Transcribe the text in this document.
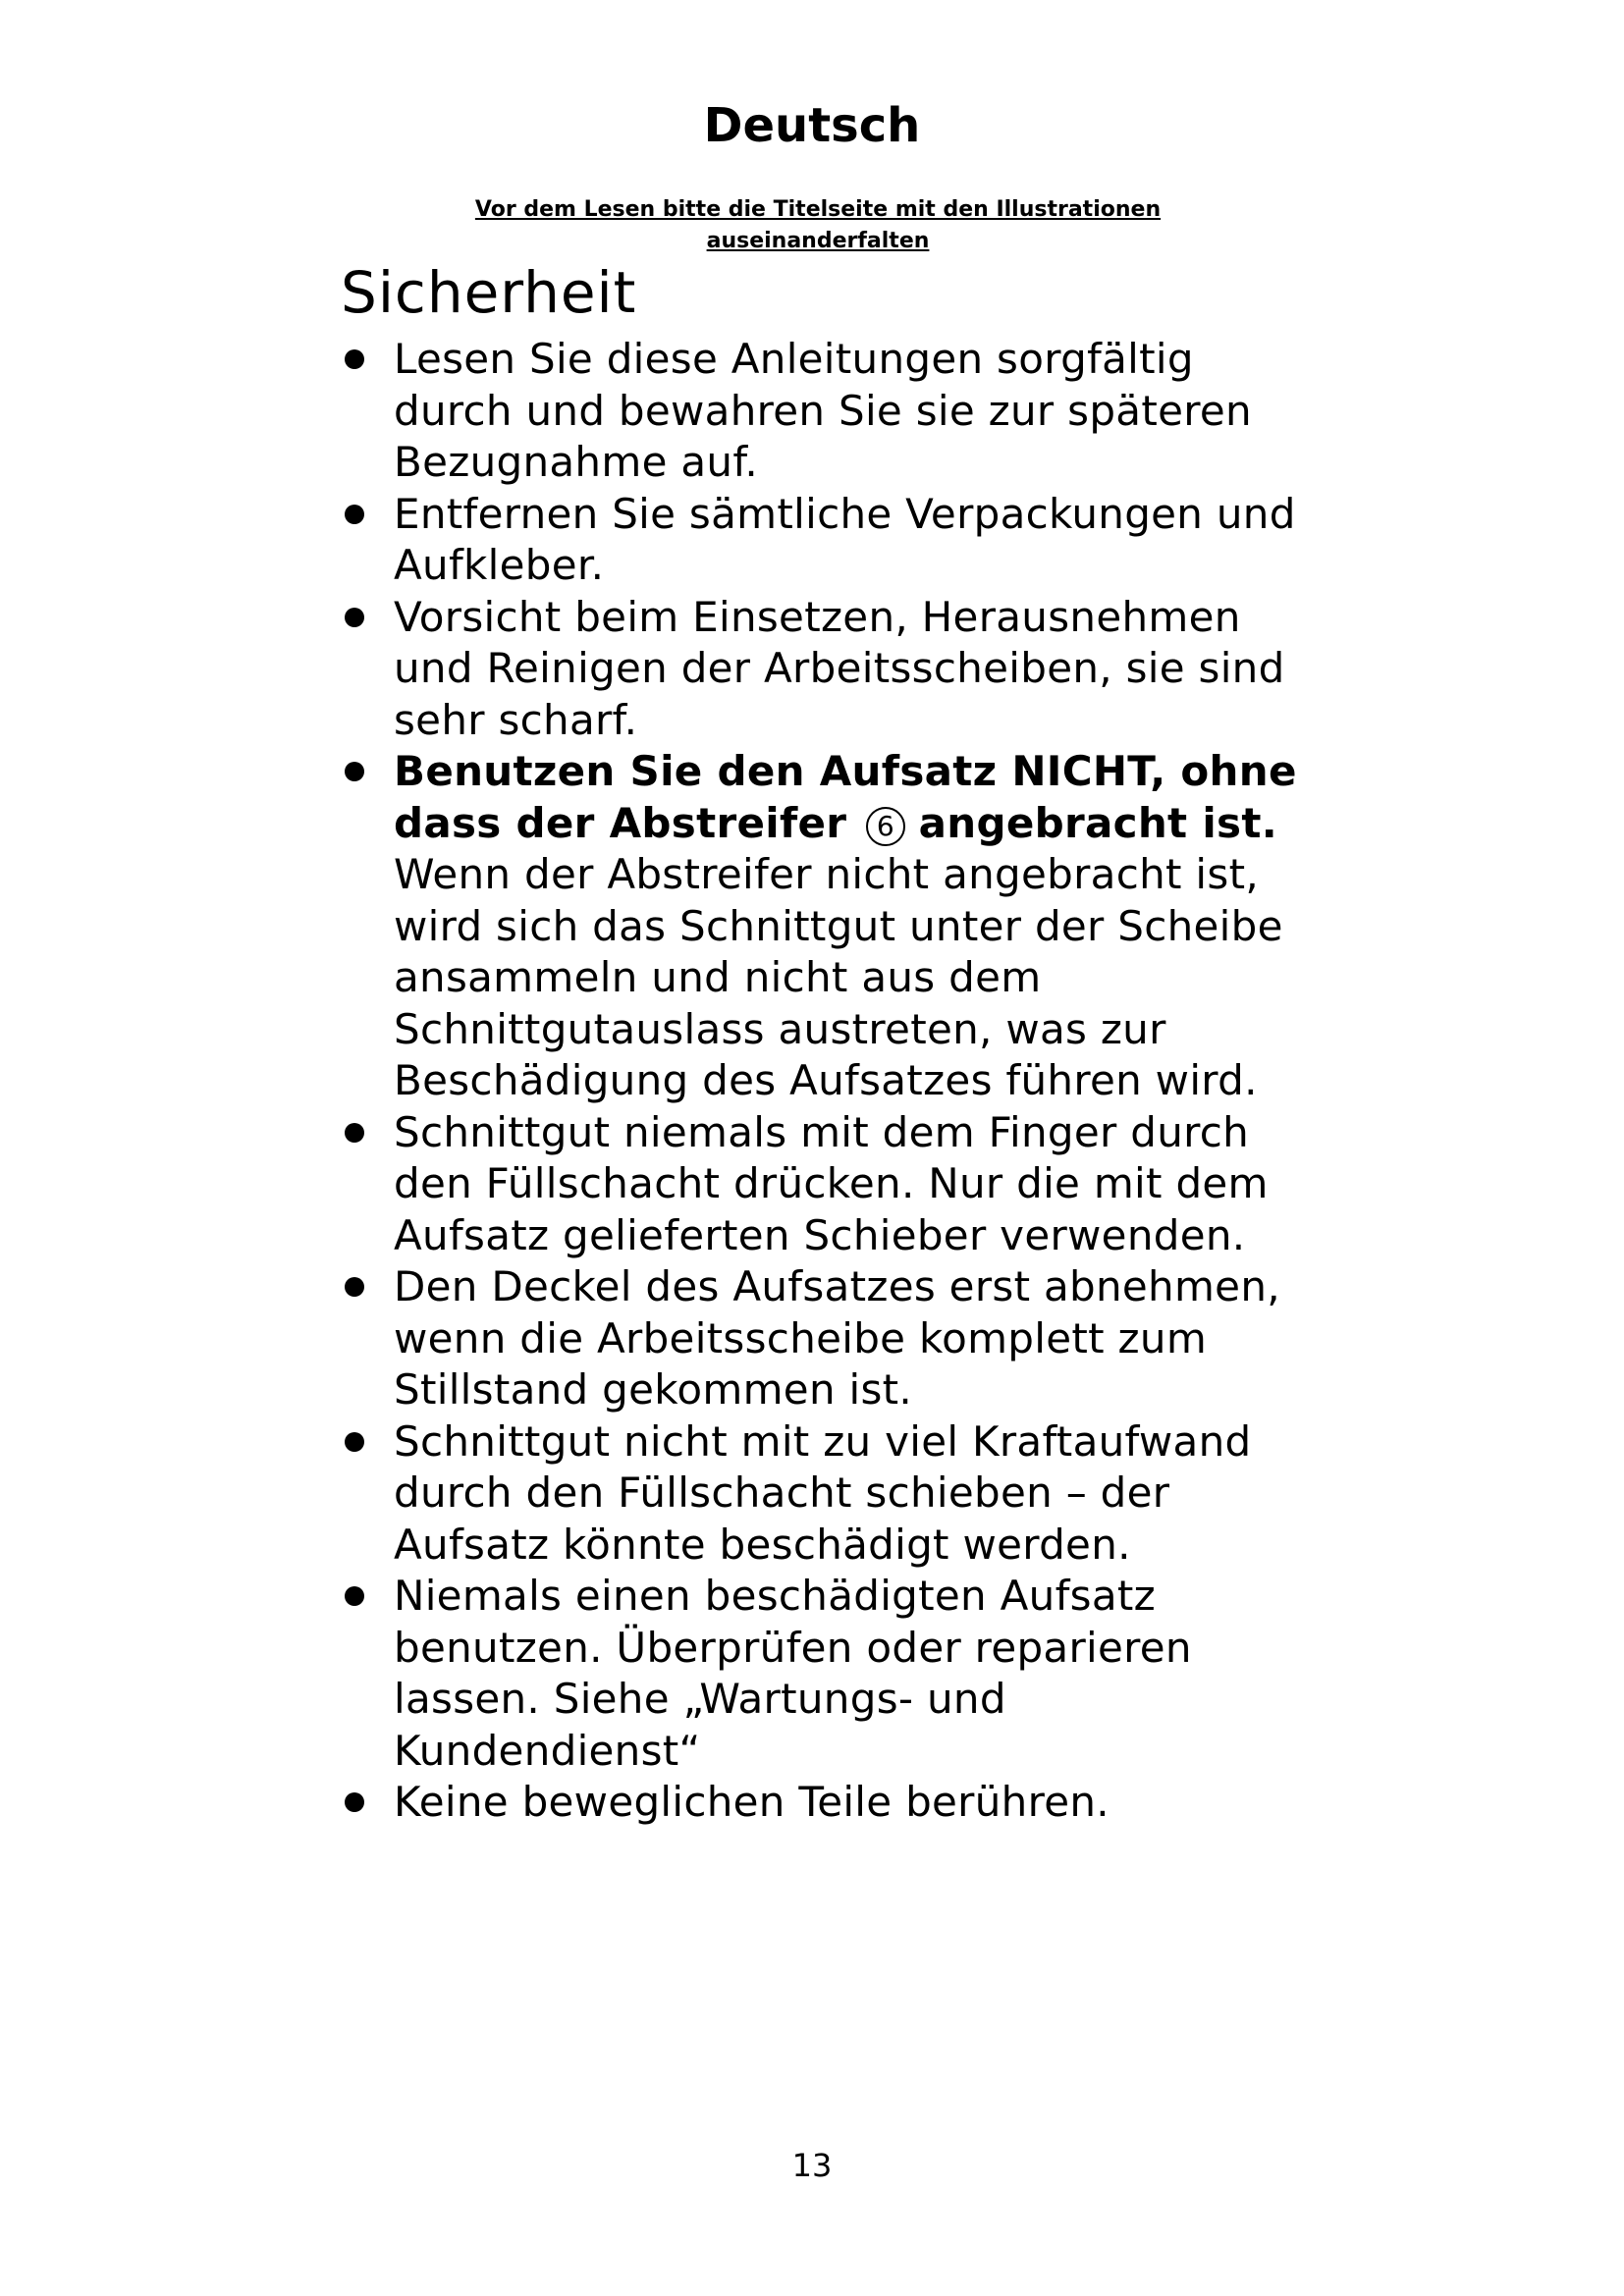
Deutsch

Vor dem Lesen bitte die Titelseite mit den Illustrationen auseinanderfalten

Sicherheit
Lesen Sie diese Anleitungen sorgfältig durch und bewahren Sie sie zur späteren Bezugnahme auf.
Entfernen Sie sämtliche Verpackungen und Aufkleber.
Vorsicht beim Einsetzen, Herausnehmen und Reinigen der Arbeitsscheiben, sie sind sehr scharf.
Benutzen Sie den Aufsatz NICHT, ohne dass der Abstreifer 6 angebracht ist. Wenn der Abstreifer nicht angebracht ist, wird sich das Schnittgut unter der Scheibe ansammeln und nicht aus dem Schnittgutauslass austreten, was zur Beschädigung des Aufsatzes führen wird.
Schnittgut niemals mit dem Finger durch den Füllschacht drücken. Nur die mit dem Aufsatz gelieferten Schieber verwenden.
Den Deckel des Aufsatzes erst abnehmen, wenn die Arbeitsscheibe komplett zum Stillstand gekommen ist.
Schnittgut nicht mit zu viel Kraftaufwand durch den Füllschacht schieben – der Aufsatz könnte beschädigt werden.
Niemals einen beschädigten Aufsatz benutzen. Überprüfen oder reparieren lassen. Siehe „Wartungs- und Kundendienst“
Keine beweglichen Teile berühren.
13
